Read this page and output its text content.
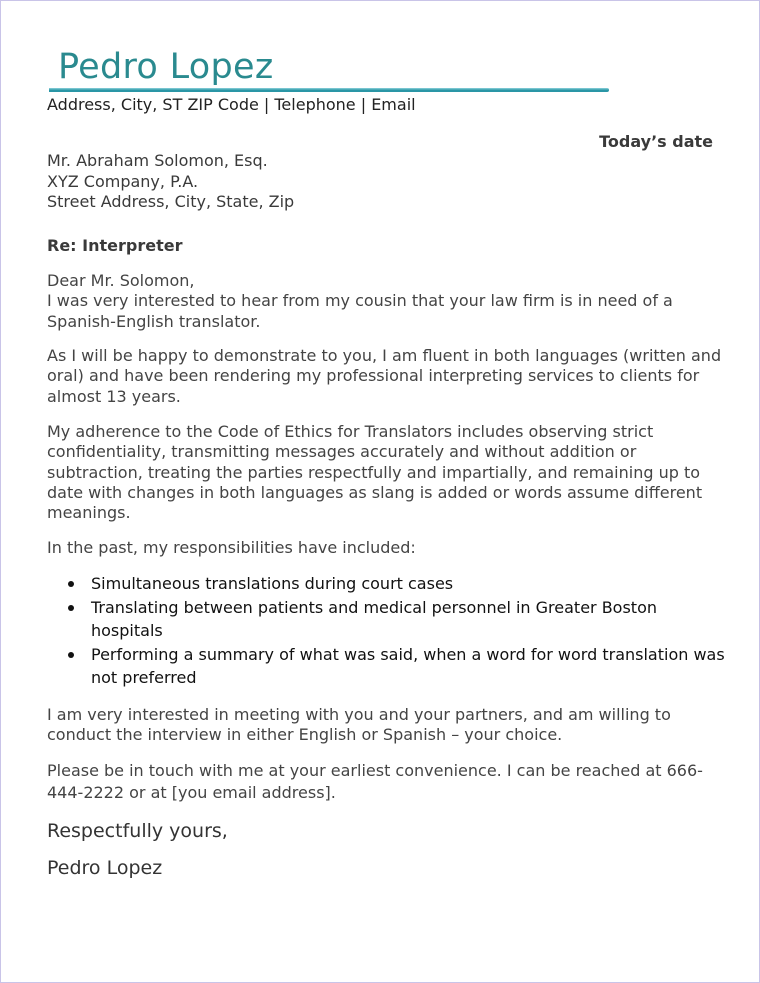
Pedro Lopez
Address, City, ST ZIP Code | Telephone | Email
Today’s date
Mr. Abraham Solomon, Esq.
XYZ Company, P.A.
Street Address, City, State, Zip
Re: Interpreter
Dear Mr. Solomon,
I was very interested to hear from my cousin that your law firm is in need of a Spanish-English translator.
As I will be happy to demonstrate to you, I am fluent in both languages (written and oral) and have been rendering my professional interpreting services to clients for almost 13 years.
My adherence to the Code of Ethics for Translators includes observing strict confidentiality, transmitting messages accurately and without addition or subtraction, treating the parties respectfully and impartially, and remaining up to date with changes in both languages as slang is added or words assume different meanings.
In the past, my responsibilities have included:
Simultaneous translations during court cases
Translating between patients and medical personnel in Greater Boston hospitals
Performing a summary of what was said, when a word for word translation was not preferred
I am very interested in meeting with you and your partners, and am willing to conduct the interview in either English or Spanish – your choice.
Please be in touch with me at your earliest convenience. I can be reached at 666-444-2222 or at [you email address].
Respectfully yours,
Pedro Lopez
